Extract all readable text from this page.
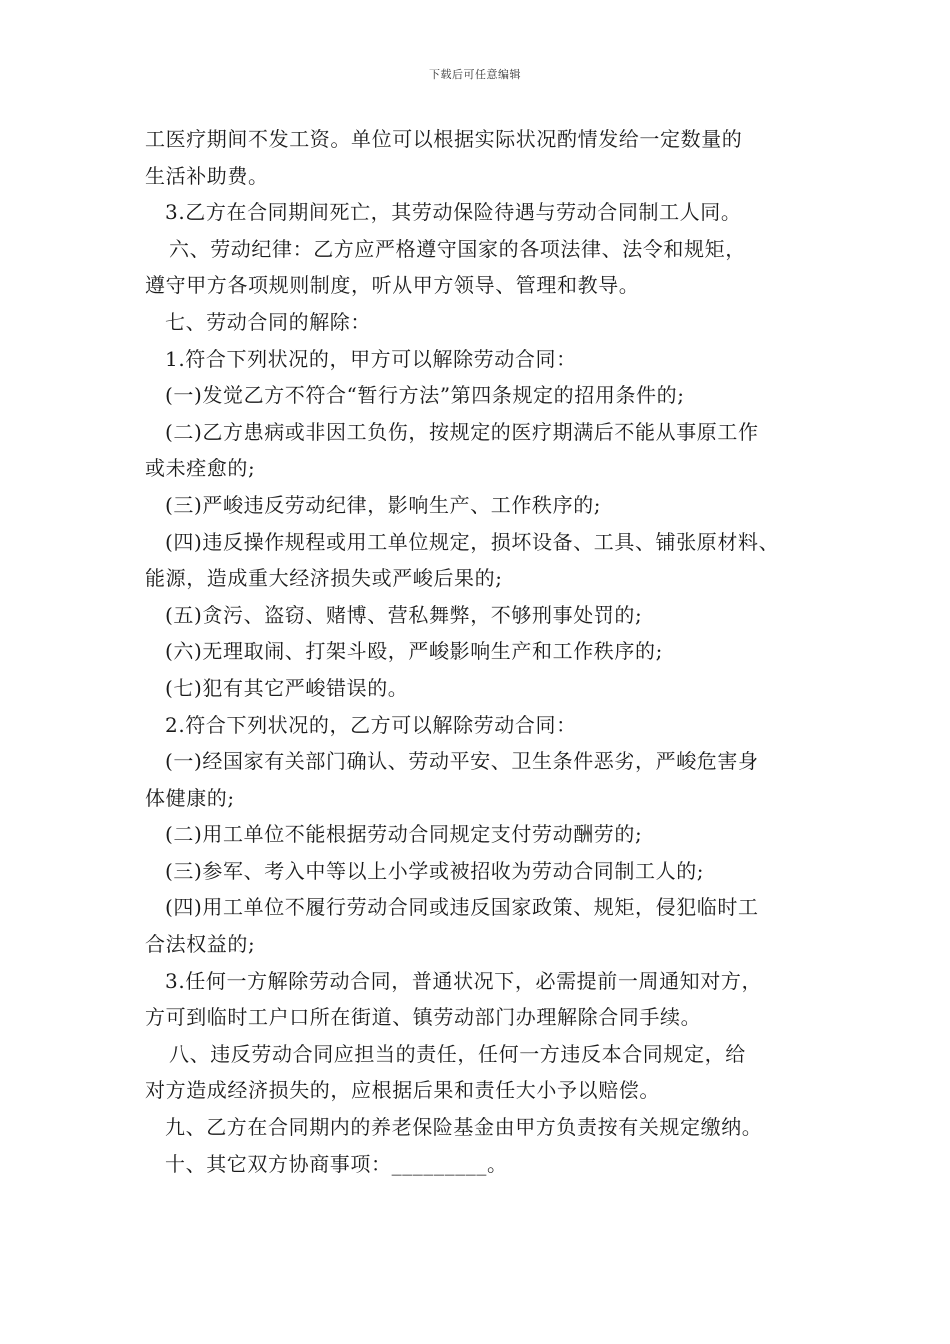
下载后可任意编辑
工医疗期间不发工资。单位可以根据实际状况酌情发给一定数量的
生活补助费。
3.乙方在合同期间死亡，其劳动保险待遇与劳动合同制工人同。
六、劳动纪律：乙方应严格遵守国家的各项法律、法令和规矩，
遵守甲方各项规则制度，听从甲方领导、管理和教导。
七、劳动合同的解除：
1.符合下列状况的，甲方可以解除劳动合同：
(一)发觉乙方不符合“暂行方法”第四条规定的招用条件的;
(二)乙方患病或非因工负伤，按规定的医疗期满后不能从事原工作
或未痊愈的;
(三)严峻违反劳动纪律，影响生产、工作秩序的;
(四)违反操作规程或用工单位规定，损坏设备、工具、铺张原材料、
能源，造成重大经济损失或严峻后果的;
(五)贪污、盗窃、赌博、营私舞弊，不够刑事处罚的;
(六)无理取闹、打架斗殴，严峻影响生产和工作秩序的;
(七)犯有其它严峻错误的。
2.符合下列状况的，乙方可以解除劳动合同：
(一)经国家有关部门确认、劳动平安、卫生条件恶劣，严峻危害身
体健康的;
(二)用工单位不能根据劳动合同规定支付劳动酬劳的;
(三)参军、考入中等以上小学或被招收为劳动合同制工人的;
(四)用工单位不履行劳动合同或违反国家政策、规矩，侵犯临时工
合法权益的;
3.任何一方解除劳动合同，普通状况下，必需提前一周通知对方，
方可到临时工户口所在街道、镇劳动部门办理解除合同手续。
八、违反劳动合同应担当的责任，任何一方违反本合同规定，给
对方造成经济损失的，应根据后果和责任大小予以赔偿。
九、乙方在合同期内的养老保险基金由甲方负责按有关规定缴纳。
十、其它双方协商事项：_________。
